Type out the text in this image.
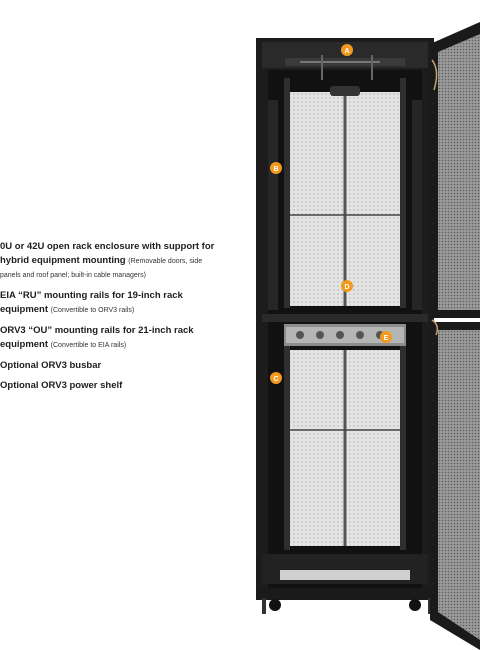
0U or 42U open rack enclosure with support for
hybrid equipment mounting (Removable doors, side
panels and roof panel; built-in cable managers)
EIA “RU” mounting rails for 19-inch rack
equipment (Convertible to ORV3 rails)
ORV3 “OU” mounting rails for 21-inch rack
equipment (Convertible to EIA rails)
Optional ORV3 busbar
Optional ORV3 power shelf
A
B
C
D
E
